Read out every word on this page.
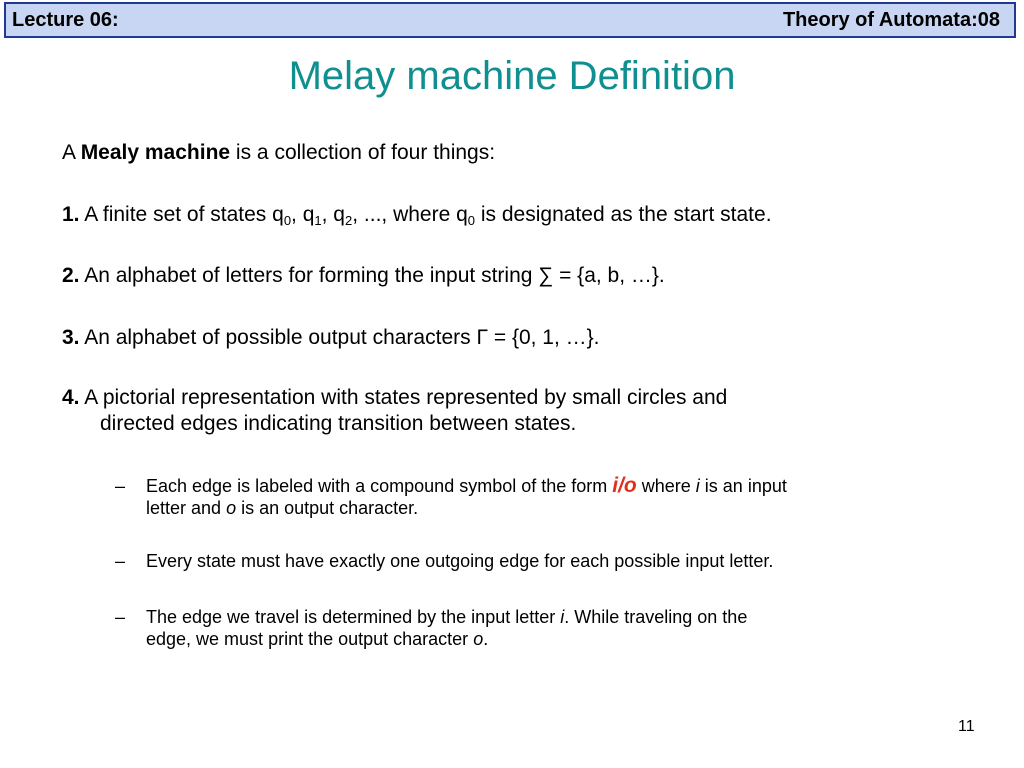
Lecture 06:	Theory of Automata:08
Melay machine Definition
A Mealy machine is a collection of four things:
1. A finite set of states $q_0$, $q_1$, $q_2$, ..., where $q_0$ is designated as the start state.
2. An alphabet of letters for forming the input string ∑ = {a, b, …}.
3. An alphabet of possible output characters Γ = {0, 1, …}.
4. A pictorial representation with states represented by small circles and
directed edges indicating transition between states.
– Each edge is labeled with a compound symbol of the form i/o where i is an input
letter and o is an output character.
– Every state must have exactly one outgoing edge for each possible input letter.
– The edge we travel is determined by the input letter i. While traveling on the
edge, we must print the output character o.
11
